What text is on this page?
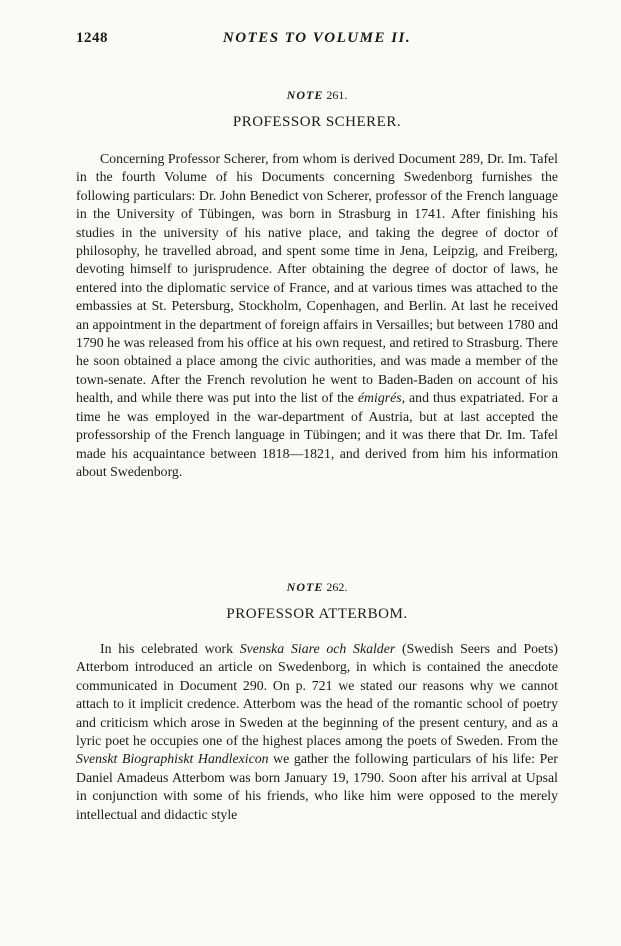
1248	NOTES TO VOLUME II.
NOTE 261.
PROFESSOR SCHERER.

Concerning Professor Scherer, from whom is derived Document 289, Dr. Im. Tafel in the fourth Volume of his Documents concerning Swedenborg furnishes the following particulars: Dr. John Benedict von Scherer, professor of the French language in the University of Tübingen, was born in Strasburg in 1741. After finishing his studies in the university of his native place, and taking the degree of doctor of philosophy, he travelled abroad, and spent some time in Jena, Leipzig, and Freiberg, devoting himself to jurisprudence. After obtaining the degree of doctor of laws, he entered into the diplomatic service of France, and at various times was attached to the embassies at St. Petersburg, Stockholm, Copenhagen, and Berlin. At last he received an appointment in the department of foreign affairs in Versailles; but between 1780 and 1790 he was released from his office at his own request, and retired to Strasburg. There he soon obtained a place among the civic authorities, and was made a member of the town-senate. After the French revolution he went to Baden-Baden on account of his health, and while there was put into the list of the émigrés, and thus expatriated. For a time he was employed in the war-department of Austria, but at last accepted the professorship of the French language in Tübingen; and it was there that Dr. Im. Tafel made his acquaintance between 1818—1821, and derived from him his information about Swedenborg.

NOTE 262.
PROFESSOR ATTERBOM.

In his celebrated work Svenska Siare och Skalder (Swedish Seers and Poets) Atterbom introduced an article on Swedenborg, in which is contained the anecdote communicated in Document 290. On p. 721 we stated our reasons why we cannot attach to it implicit credence. Atterbom was the head of the romantic school of poetry and criticism which arose in Sweden at the beginning of the present century, and as a lyric poet he occupies one of the highest places among the poets of Sweden. From the Svenskt Biographiskt Handlexicon we gather the following particulars of his life: Per Daniel Amadeus Atterbom was born January 19, 1790. Soon after his arrival at Upsal in conjunction with some of his friends, who like him were opposed to the merely intellectual and didactic style
